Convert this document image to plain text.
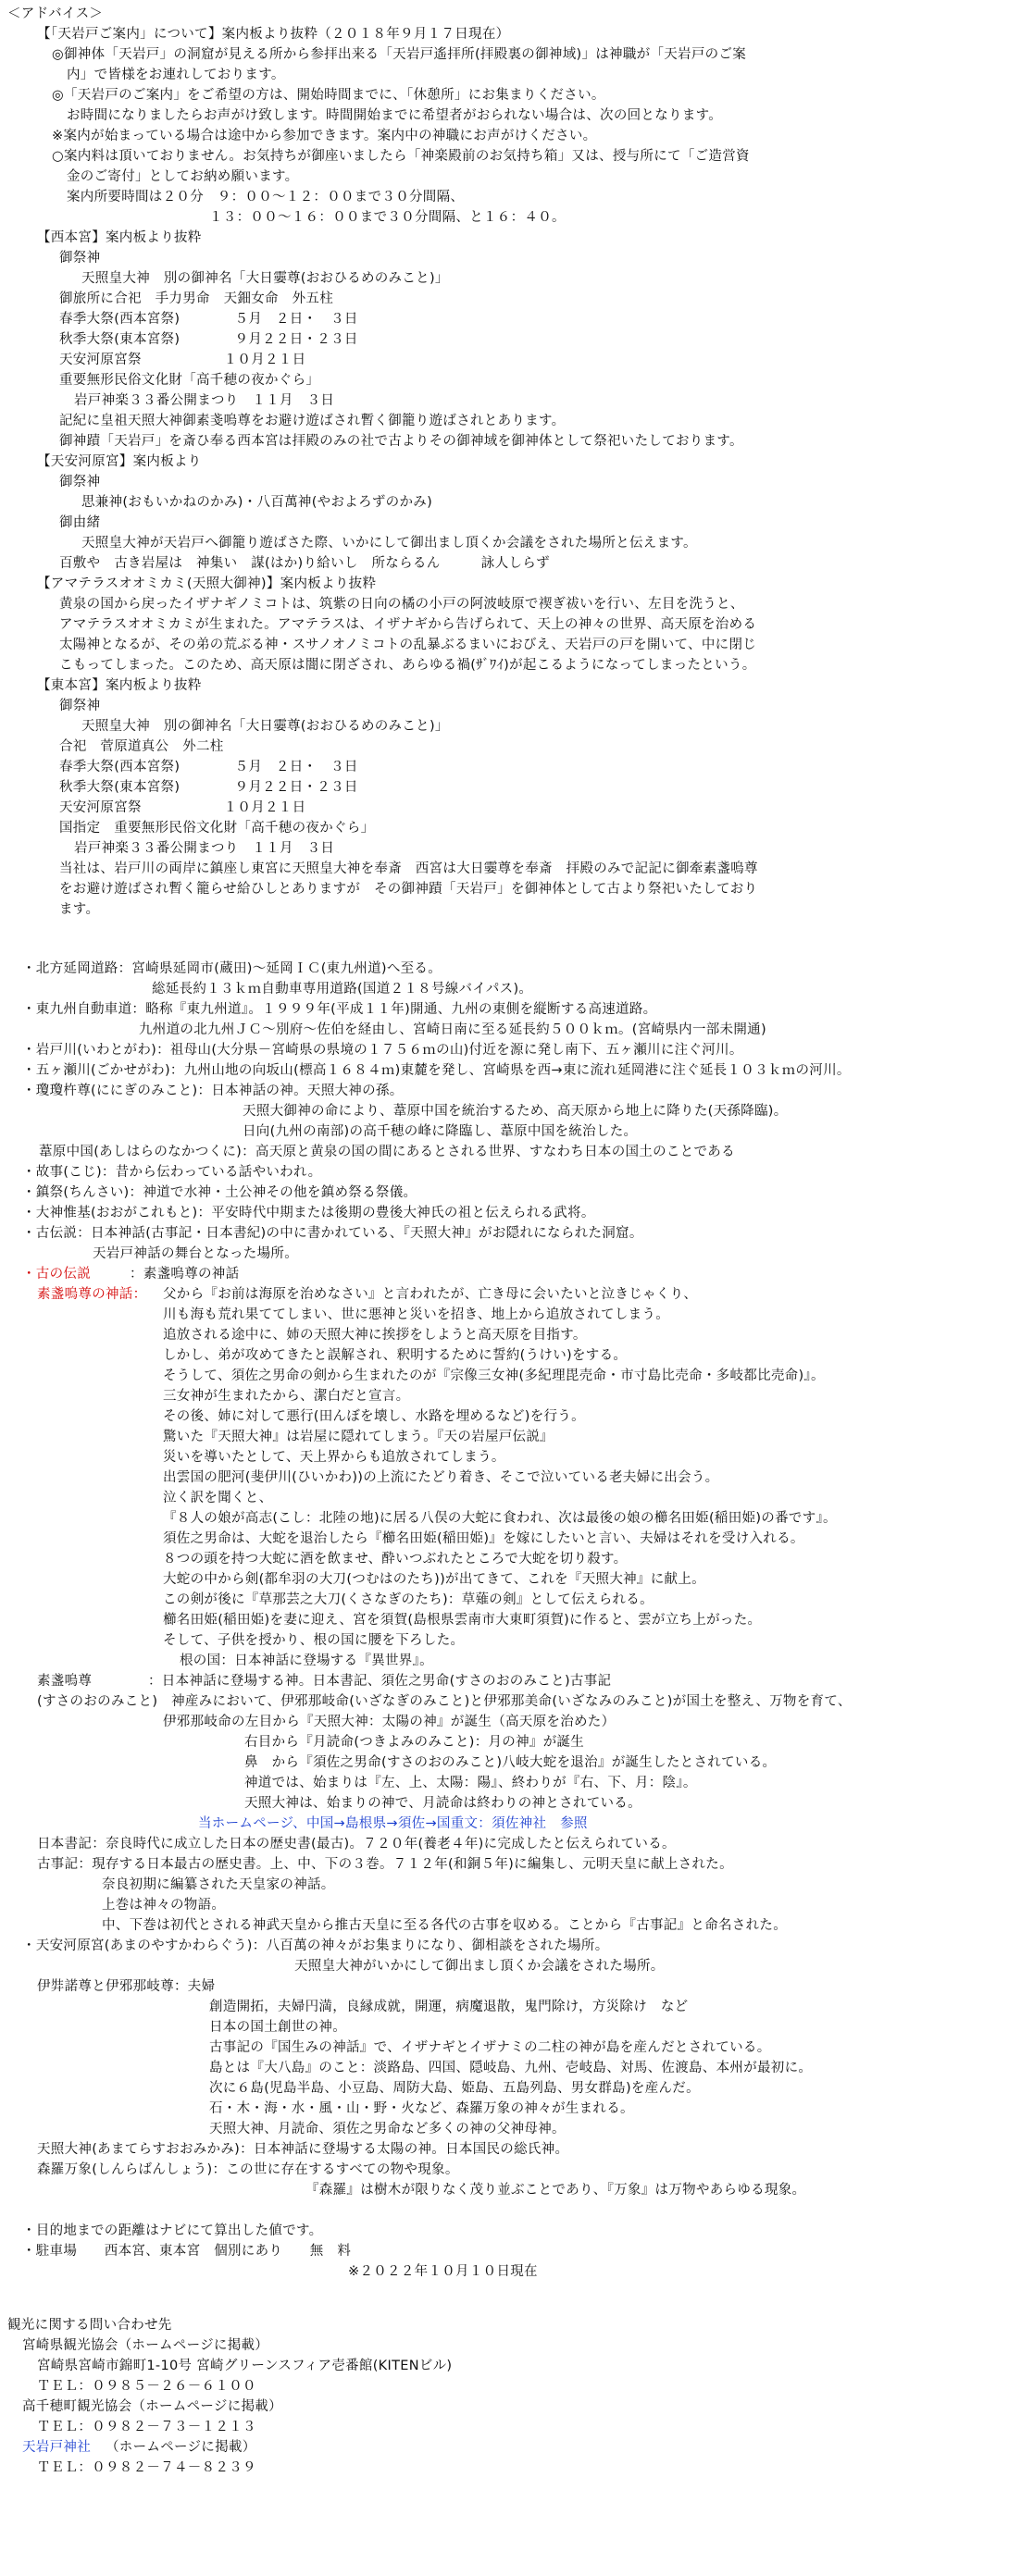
＜アドバイス＞
【「天岩戸ご案内」について】案内板より抜粋（２０１８年９月１７日現在）
◎御神体「天岩戸」の洞窟が見える所から参拝出来る「天岩戸遙拝所(拝殿裏の御神域)」は神職が「天岩戸のご案
内」で皆様をお連れしております。
◎「天岩戸のご案内」をご希望の方は、開始時間までに、「休憩所」にお集まりください。
お時間になりましたらお声がけ致します。時間開始までに希望者がおられない場合は、次の回となります。
※案内が始まっている場合は途中から参加できます。案内中の神職にお声がけください。
○案内料は頂いておりません。お気持ちが御座いましたら「神楽殿前のお気持ち箱」又は、授与所にて「ご造営資
金のご寄付」としてお納め願います。
案内所要時間は２０分　９：００～１２：００まで３０分間隔、
１３：００～１６：００まで３０分間隔、と１６：４０。
【西本宮】案内板より抜粋
御祭神
天照皇大神　別の御神名「大日孁尊(おおひるめのみこと)」
御旅所に合祀　手力男命　天鈿女命　外五柱
春季大祭(西本宮祭)　　　　５月　２日・　３日
秋季大祭(東本宮祭)　　　　９月２２日・２３日
天安河原宮祭　　　　　　１０月２１日
重要無形民俗文化財「高千穂の夜かぐら」
岩戸神楽３３番公開まつり　１１月　３日
記紀に皇祖天照大神御素戔嗚尊をお避け遊ばされ暫く御籠り遊ばされとあります。
御神蹟「天岩戸」を斎ひ奉る西本宮は拝殿のみの社で古よりその御神域を御神体として祭祀いたしております。
【天安河原宮】案内板より
御祭神
思兼神(おもいかねのかみ)・八百萬神(やおよろずのかみ)
御由緒
天照皇大神が天岩戸へ御籠り遊ばさた際、いかにして御出まし頂くか会議をされた場所と伝えます。
百敷や　古き岩屋は　神集い　謀(はか)り給いし　所ならるん　　　詠人しらず
【アマテラスオオミカミ(天照大御神)】案内板より抜粋
黄泉の国から戻ったイザナギノミコトは、筑紫の日向の橘の小戸の阿波岐原で禊ぎ祓いを行い、左目を洗うと、
アマテラスオオミカミが生まれた。アマテラスは、イザナギから告げられて、天上の神々の世界、高天原を治める
太陽神となるが、その弟の荒ぶる神・スサノオノミコトの乱暴ぶるまいにおびえ、天岩戸の戸を開いて、中に閉じ
こもってしまった。このため、高天原は闇に閉ざされ、あらゆる禍(ｻﾞﾜｲ)が起こるようになってしまったという。
【東本宮】案内板より抜粋
御祭神
天照皇大神　別の御神名「大日孁尊(おおひるめのみこと)」
合祀　菅原道真公　外二柱
春季大祭(西本宮祭)　　　　５月　２日・　３日
秋季大祭(東本宮祭)　　　　９月２２日・２３日
天安河原宮祭　　　　　　１０月２１日
国指定　重要無形民俗文化財「高千穂の夜かぐら」
岩戸神楽３３番公開まつり　１１月　３日
当社は、岩戸川の両岸に鎮座し東宮に天照皇大神を奉斎　西宮は大日孁尊を奉斎　拝殿のみで記記に御牽素盞嗚尊
をお避け遊ばされ暫く籠らせ給ひしとありますが　その御神蹟「天岩戸」を御神体として古より祭祀いたしており
ます。
・北方延岡道路：宮崎県延岡市(蔵田)～延岡ＩＣ(東九州道)へ至る。
総延長約１３ｋｍ自動車専用道路(国道２１８号線バイパス)。
・東九州自動車道：略称『東九州道』。１９９９年(平成１１年)開通、九州の東側を縦断する高速道路。
九州道の北九州ＪＣ～別府～佐伯を経由し、宮崎日南に至る延長約５００ｋｍ。(宮崎県内一部未開通)
・岩戸川(いわとがわ)：祖母山(大分県－宮崎県の県境の１７５６ｍの山)付近を源に発し南下、五ヶ瀬川に注ぐ河川。
・五ヶ瀬川(ごかせがわ)：九州山地の向坂山(標高１６８４ｍ)東麓を発し、宮崎県を西→東に流れ延岡港に注ぐ延長１０３ｋｍの河川。
・瓊瓊杵尊(ににぎのみこと)：日本神話の神。天照大神の孫。
天照大御神の命により、葦原中国を統治するため、高天原から地上に降りた(天孫降臨)。
日向(九州の南部)の高千穂の峰に降臨し、葦原中国を統治した。
葦原中国(あしはらのなかつくに)：高天原と黄泉の国の間にあるとされる世界、すなわち日本の国土のことである
・故事(こじ)：昔から伝わっている話やいわれ。
・鎮祭(ちんさい)：神道で水神・土公神その他を鎮め祭る祭儀。
・大神惟基(おおがこれもと)：平安時代中期または後期の豊後大神氏の祖と伝えられる武将。
・古伝説：日本神話(古事記・日本書紀)の中に書かれている、『天照大神』がお隠れになられた洞窟。
天岩戸神話の舞台となった場所。
・古の伝説	：素盞嗚尊の神話
素盞嗚尊の神話： 父から『お前は海原を治めなさい』と言われたが、亡き母に会いたいと泣きじゃくり、
川も海も荒れ果ててしまい、世に悪神と災いを招き、地上から追放されてしまう。
追放される途中に、姉の天照大神に挨拶をしようと高天原を目指す。
しかし、弟が攻めてきたと誤解され、釈明するために誓約(うけい)をする。
そうして、須佐之男命の剣から生まれたのが『宗像三女神(多紀理毘売命・市寸島比売命・多岐都比売命)』。
三女神が生まれたから、潔白だと宣言。
その後、姉に対して悪行(田んぼを壊し、水路を埋めるなど)を行う。
驚いた『天照大神』は岩屋に隠れてしまう。『天の岩屋戸伝説』
災いを導いたとして、天上界からも追放されてしまう。
出雲国の肥河(斐伊川(ひいかわ))の上流にたどり着き、そこで泣いている老夫婦に出会う。
泣く訳を聞くと、
『８人の娘が高志(こし：北陸の地)に居る八俣の大蛇に食われ、次は最後の娘の櫛名田姫(稲田姫)の番です』。
須佐之男命は、大蛇を退治したら『櫛名田姫(稲田姫)』を嫁にしたいと言い、夫婦はそれを受け入れる。
８つの頭を持つ大蛇に酒を飲ませ、酔いつぶれたところで大蛇を切り殺す。
大蛇の中から剣(都牟羽の大刀(つむはのたち))が出てきて、これを『天照大神』に献上。
この剣が後に『草那芸之大刀(くさなぎのたち)：草薙の剣』として伝えられる。
櫛名田姫(稲田姫)を妻に迎え、宮を須賀(島根県雲南市大東町須賀)に作ると、雲が立ち上がった。
そして、子供を授かり、根の国に腰を下ろした。
根の国：日本神話に登場する『異世界』。
素盞嗚尊	：日本神話に登場する神。日本書記、須佐之男命(すさのおのみこと)古事記
(すさのおのみこと)　神産みにおいて、伊邪那岐命(いざなぎのみこと)と伊邪那美命(いざなみのみこと)が国土を整え、万物を育て、
伊邪那岐命の左目から『天照大神：太陽の神』が誕生（高天原を治めた）
右目から『月読命(つきよみのみこと)：月の神』が誕生
鼻　から『須佐之男命(すさのおのみこと)八岐大蛇を退治』が誕生したとされている。
神道では、始まりは『左、上、太陽：陽』、終わりが『右、下、月：陰』。
天照大神は、始まりの神で、月読命は終わりの神とされている。
当ホームページ、中国→島根県→須佐→国重文：須佐神社　参照
日本書記：奈良時代に成立した日本の歴史書(最古)。７２０年(養老４年)に完成したと伝えられている。
古事記：現存する日本最古の歴史書。上、中、下の３巻。７１２年(和銅５年)に編集し、元明天皇に献上された。
奈良初期に編纂された天皇家の神話。
上巻は神々の物語。
中、下巻は初代とされる神武天皇から推古天皇に至る各代の古事を収める。ことから『古事記』と命名された。
・天安河原宮(あまのやすかわらぐう)：八百萬の神々がお集まりになり、御相談をされた場所。
天照皇大神がいかにして御出まし頂くか会議をされた場所。
伊弉諾尊と伊邪那岐尊：夫婦
創造開拓，夫婦円満，良縁成就，開運，病魔退散，鬼門除け，方災除け　など
日本の国土創世の神。
古事記の『国生みの神話』で、イザナギとイザナミの二柱の神が島を産んだとされている。
島とは『大八島』のこと：淡路島、四国、隠岐島、九州、壱岐島、対馬、佐渡島、本州が最初に。
次に６島(児島半島、小豆島、周防大島、姫島、五島列島、男女群島)を産んだ。
石・木・海・水・風・山・野・火など、森羅万象の神々が生まれる。
天照大神、月読命、須佐之男命など多くの神の父神母神。
天照大神(あまてらすおおみかみ)：日本神話に登場する太陽の神。日本国民の総氏神。
森羅万象(しんらばんしょう)：この世に存在するすべての物や現象。
『森羅』は樹木が限りなく茂り並ぶことであり、『万象』は万物やあらゆる現象。
・目的地までの距離はナビにて算出した値です。
・駐車場　　西本宮、東本宮　個別にあり　　無　料
※２０２２年１０月１０日現在
観光に関する問い合わせ先
宮崎県観光協会（ホームページに掲載）
宮崎県宮崎市錦町1-10号 宮崎グリーンスフィア壱番館(KITENビル)
ＴＥＬ：０９８５－２６－６１００
高千穂町観光協会（ホームページに掲載）
ＴＥＬ：０９８２－７３－１２１３
天岩戸神社 （ホームページに掲載）
ＴＥＬ：０９８２－７４－８２３９
